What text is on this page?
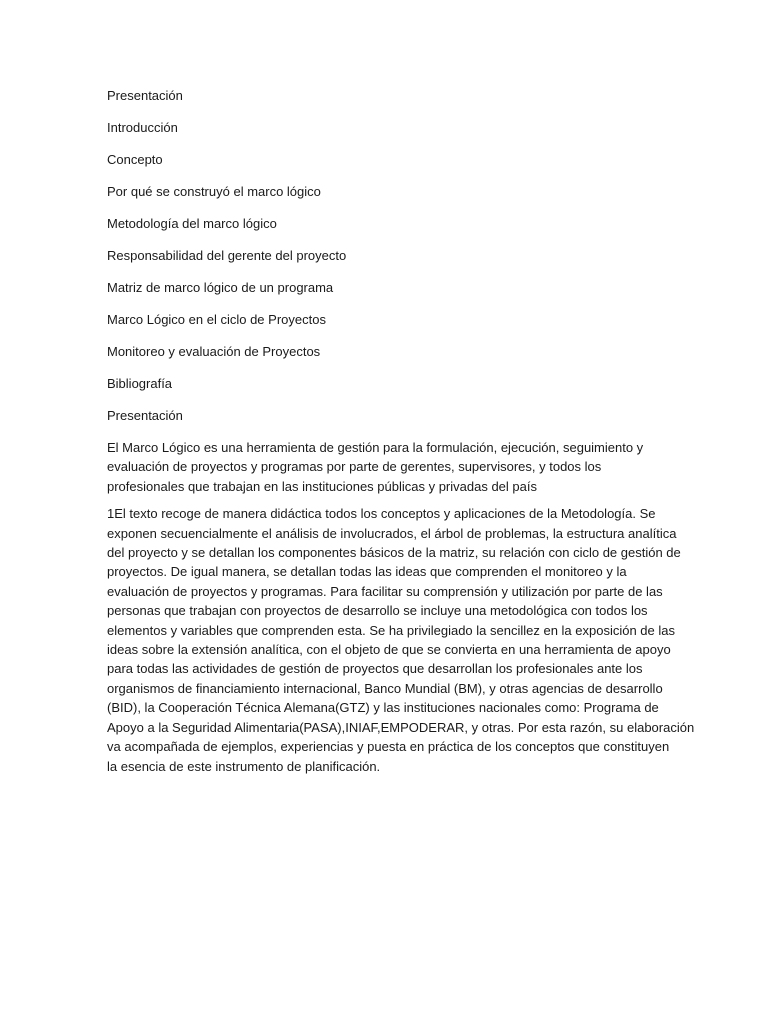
Presentación
Introducción
Concepto
Por qué se construyó el marco lógico
Metodología del marco lógico
Responsabilidad del gerente del proyecto
Matriz de marco lógico de un programa
Marco Lógico en el ciclo de Proyectos
Monitoreo y evaluación de Proyectos
Bibliografía
Presentación

El Marco Lógico es una herramienta de gestión para la formulación, ejecución, seguimiento y
evaluación de proyectos y programas por parte de gerentes, supervisores, y todos los
profesionales que trabajan en las instituciones públicas y privadas del país

1El texto recoge de manera didáctica todos los conceptos y aplicaciones de la Metodología. Se
exponen secuencialmente el análisis de involucrados, el árbol de problemas, la estructura analítica
del proyecto y se detallan los componentes básicos de la matriz, su relación con ciclo de gestión de
proyectos. De igual manera, se detallan todas las ideas que comprenden el monitoreo y la
evaluación de proyectos y programas. Para facilitar su comprensión y utilización por parte de las
personas que trabajan con proyectos de desarrollo se incluye una metodológica con todos los
elementos y variables que comprenden esta. Se ha privilegiado la sencillez en la exposición de las
ideas sobre la extensión analítica, con el objeto de que se convierta en una herramienta de apoyo
para todas las actividades de gestión de proyectos que desarrollan los profesionales ante los
organismos de financiamiento internacional, Banco Mundial (BM), y otras agencias de desarrollo
(BID), la Cooperación Técnica Alemana(GTZ) y las instituciones nacionales como: Programa de
Apoyo a la Seguridad Alimentaria(PASA),INIAF,EMPODERAR, y otras. Por esta razón, su elaboración
va acompañada de ejemplos, experiencias y puesta en práctica de los conceptos que constituyen
la esencia de este instrumento de planificación.
